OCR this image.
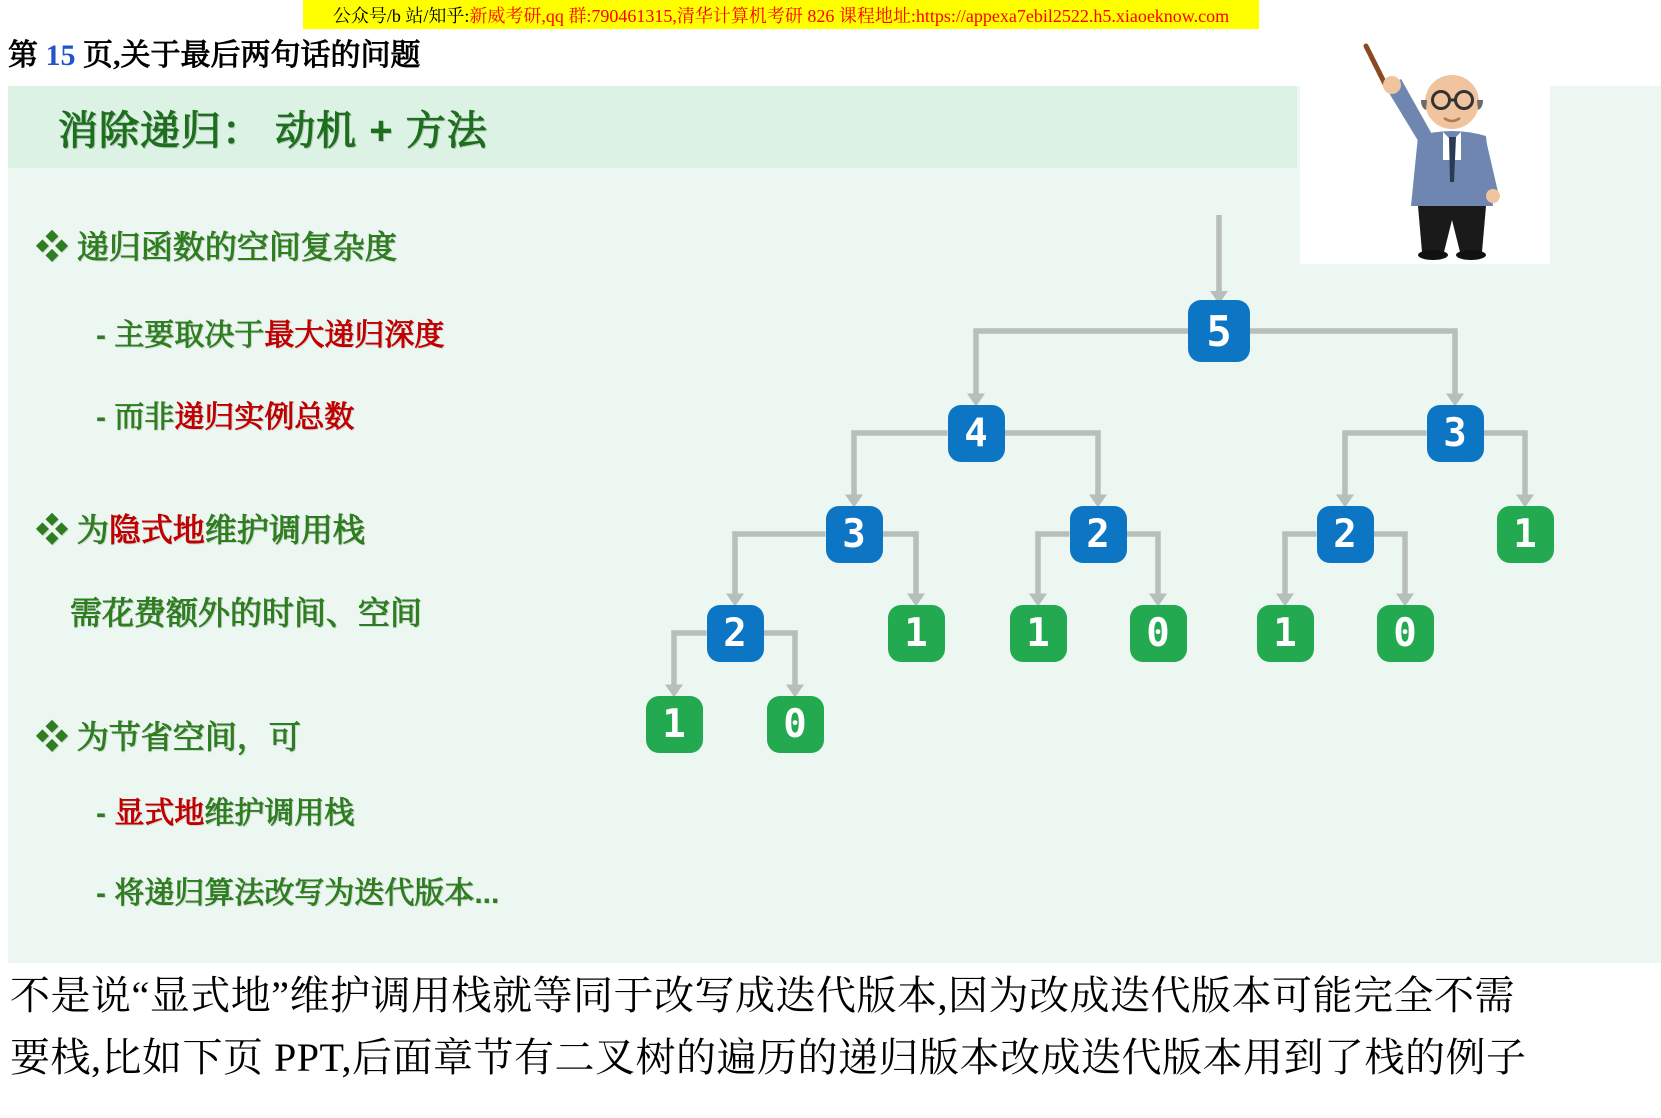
公众号/b 站/知乎: 新威考研,qq 群:790461315,清华计算机考研 826 课程地址:https://appexa7ebil2522.h5.xiaoeknow.com
第 15 页,关于最后两句话的问题
消除递归： 动机 + 方法
❖ 递归函数的空间复杂度
- 主要取决于最大递归深度
- 而非递归实例总数
❖ 为隐式地维护调用栈
需花费额外的时间、空间
❖ 为节省空间，可
- 显式地维护调用栈
- 将递归算法改写为迭代版本...
5
4	3
3	2	2	1
2	1	1	0	1	0
1	0
不是说“显式地”维护调用栈就等同于改写成迭代版本,因为改成迭代版本可能完全不需
要栈,比如下页 PPT,后面章节有二叉树的遍历的递归版本改成迭代版本用到了栈的例子
